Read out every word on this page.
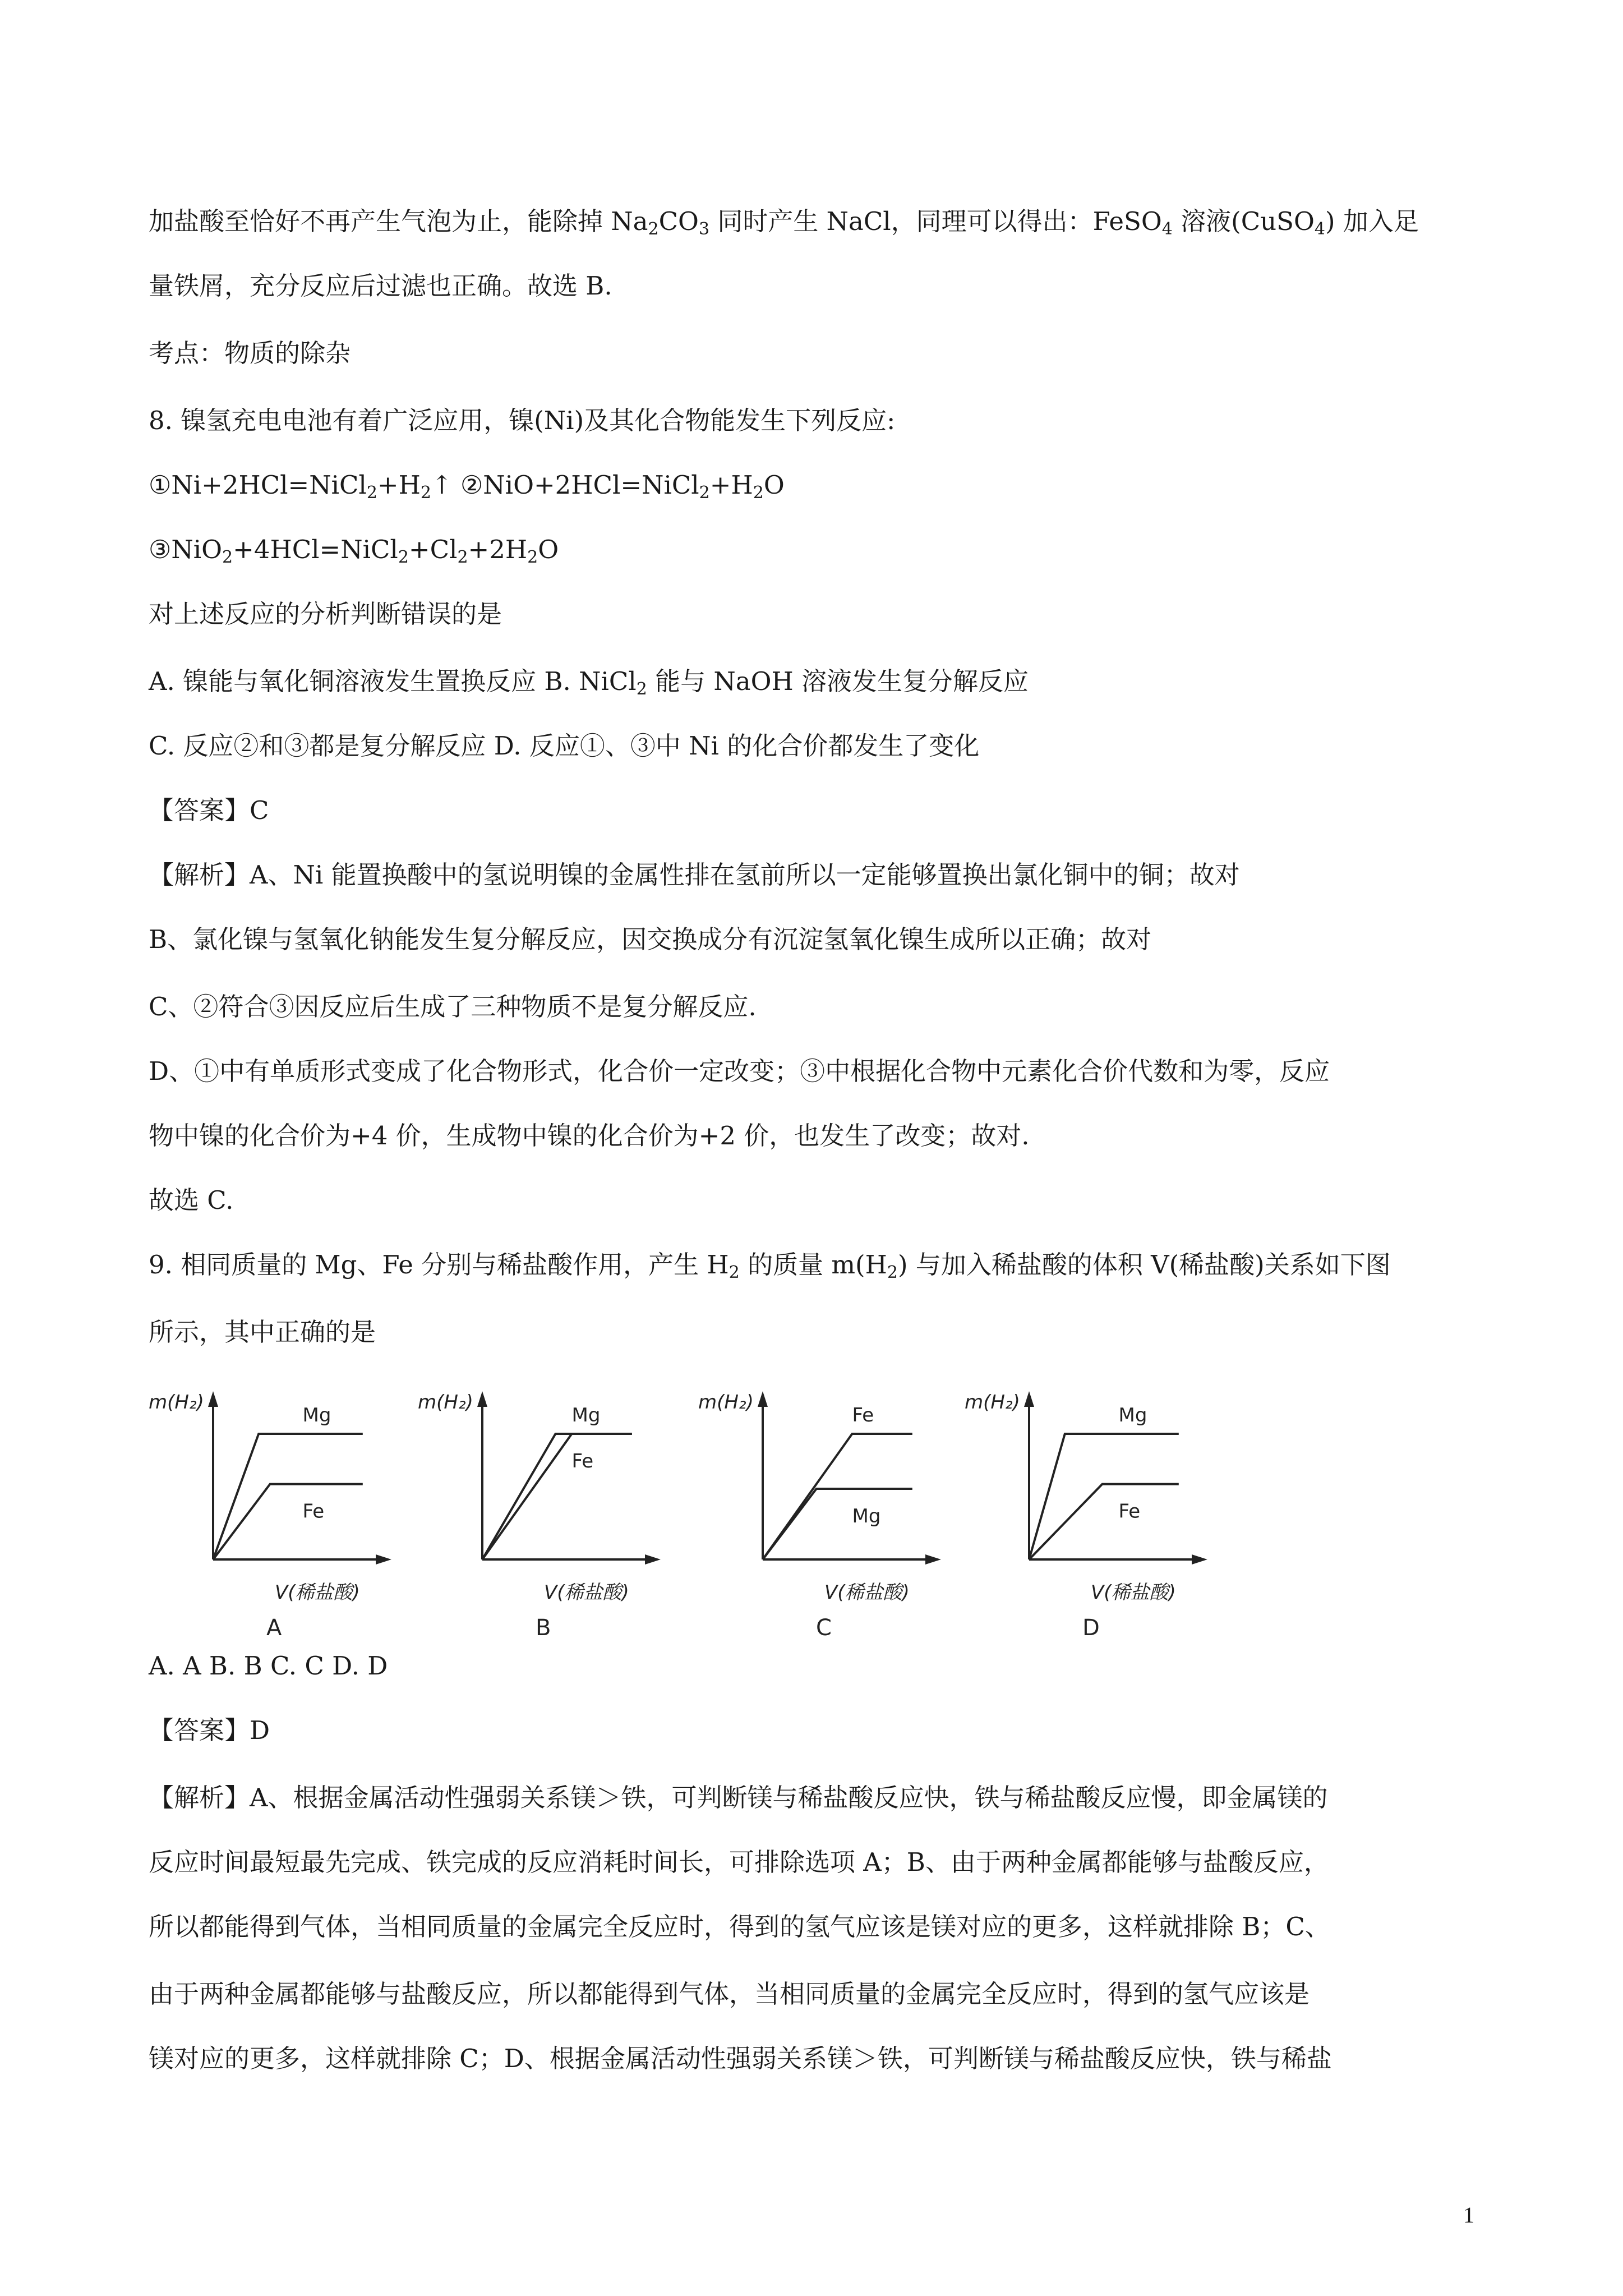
加盐酸至恰好不再产生气泡为止，能除掉 $Na_2CO_3$ 同时产生 NaCl，同理可以得出：FeSO$_4$ 溶液(CuSO$_4$) 加入足
量铁屑，充分反应后过滤也正确。故选 B.
考点：物质的除杂
8. 镍氢充电电池有着广泛应用，镍(Ni)及其化合物能发生下列反应:
$①Ni+2HCl=NiCl_2+H_2↑$ $②NiO+2HCl=NiCl_2+H_2O$
$③NiO_2+4HCl=NiCl_2+Cl_2+2H_2O$
对上述反应的分析判断错误的是
A. 镍能与氧化铜溶液发生置换反应 B. NiCl$_2$ 能与 NaOH 溶液发生复分解反应
C. 反应②和③都是复分解反应 D. 反应①、③中 Ni 的化合价都发生了变化
【答案】C
【解析】A、Ni 能置换酸中的氢说明镍的金属性排在氢前所以一定能够置换出氯化铜中的铜；故对
B、氯化镍与氢氧化钠能发生复分解反应，因交换成分有沉淀氢氧化镍生成所以正确；故对
C、②符合③因反应后生成了三种物质不是复分解反应.
D、①中有单质形式变成了化合物形式，化合价一定改变；③中根据化合物中元素化合价代数和为零，反应
物中镍的化合价为+4 价，生成物中镍的化合价为+2 价，也发生了改变；故对.
故选 C.
9. 相同质量的 Mg、Fe 分别与稀盐酸作用，产生 $H_2$ 的质量 $m(H_2)$ 与加入稀盐酸的体积 V(稀盐酸)关系如下图
所示，其中正确的是
A. A B. B C. C D. D
【答案】D
【解析】A、根据金属活动性强弱关系镁＞铁，可判断镁与稀盐酸反应快，铁与稀盐酸反应慢，即金属镁的
反应时间最短最先完成、铁完成的反应消耗时间长，可排除选项 A；B、由于两种金属都能够与盐酸反应，
所以都能得到气体，当相同质量的金属完全反应时，得到的氢气应该是镁对应的更多，这样就排除 B；C、
由于两种金属都能够与盐酸反应，所以都能得到气体，当相同质量的金属完全反应时，得到的氢气应该是
镁对应的更多，这样就排除 C；D、根据金属活动性强弱关系镁＞铁，可判断镁与稀盐酸反应快，铁与稀盐
m(H₂)
V(稀盐酸)
Mg
Fe
A
m(H₂)
V(稀盐酸)
Mg
Fe
B
m(H₂)
V(稀盐酸)
Fe
Mg
C
m(H₂)
V(稀盐酸)
Mg
Fe
D
1
